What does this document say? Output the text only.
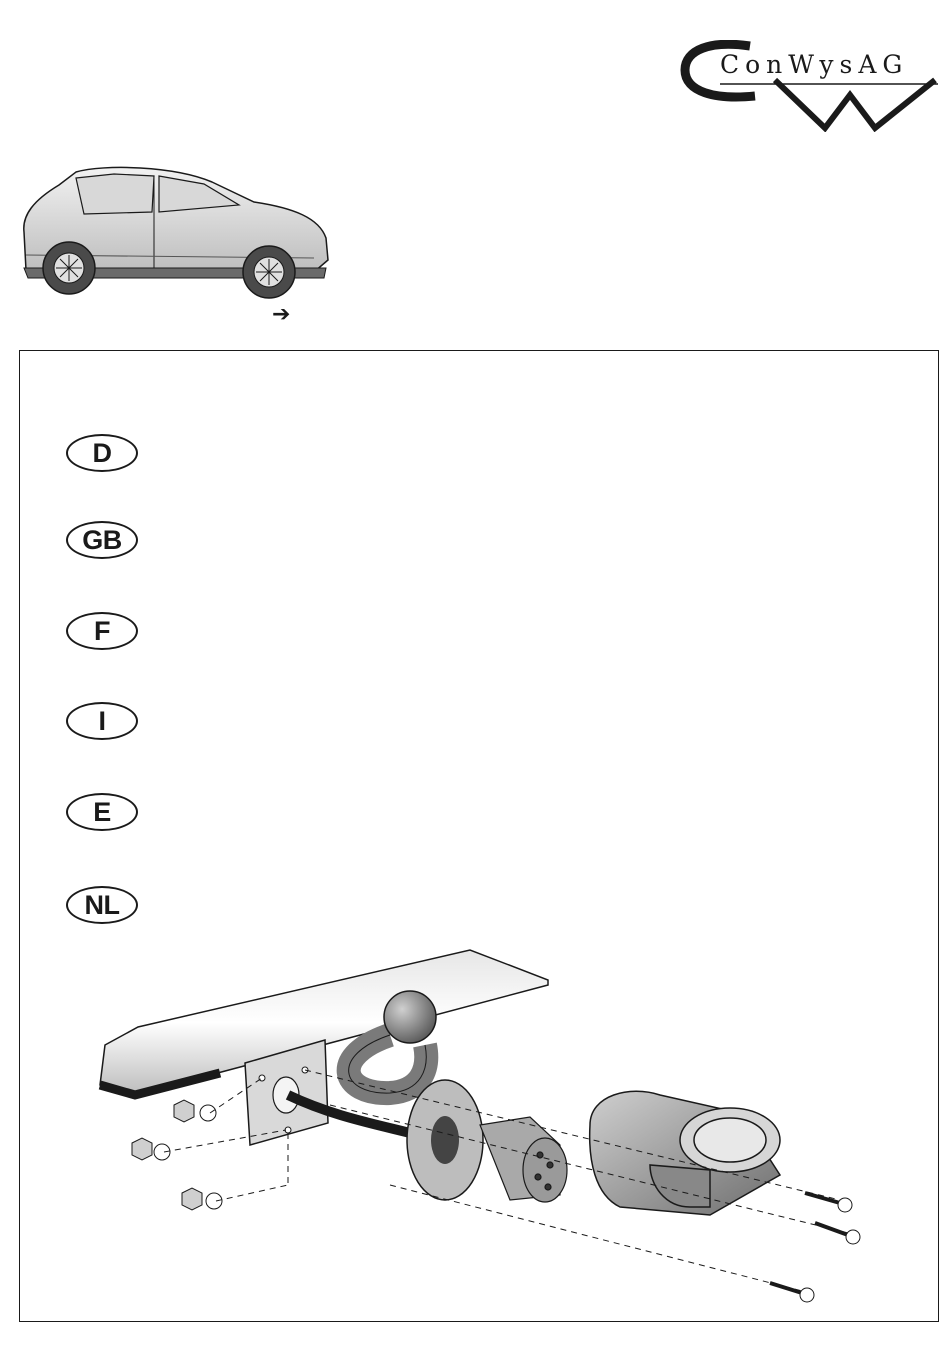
ConWysAG
➔
D
GB
F
I
E
NL
